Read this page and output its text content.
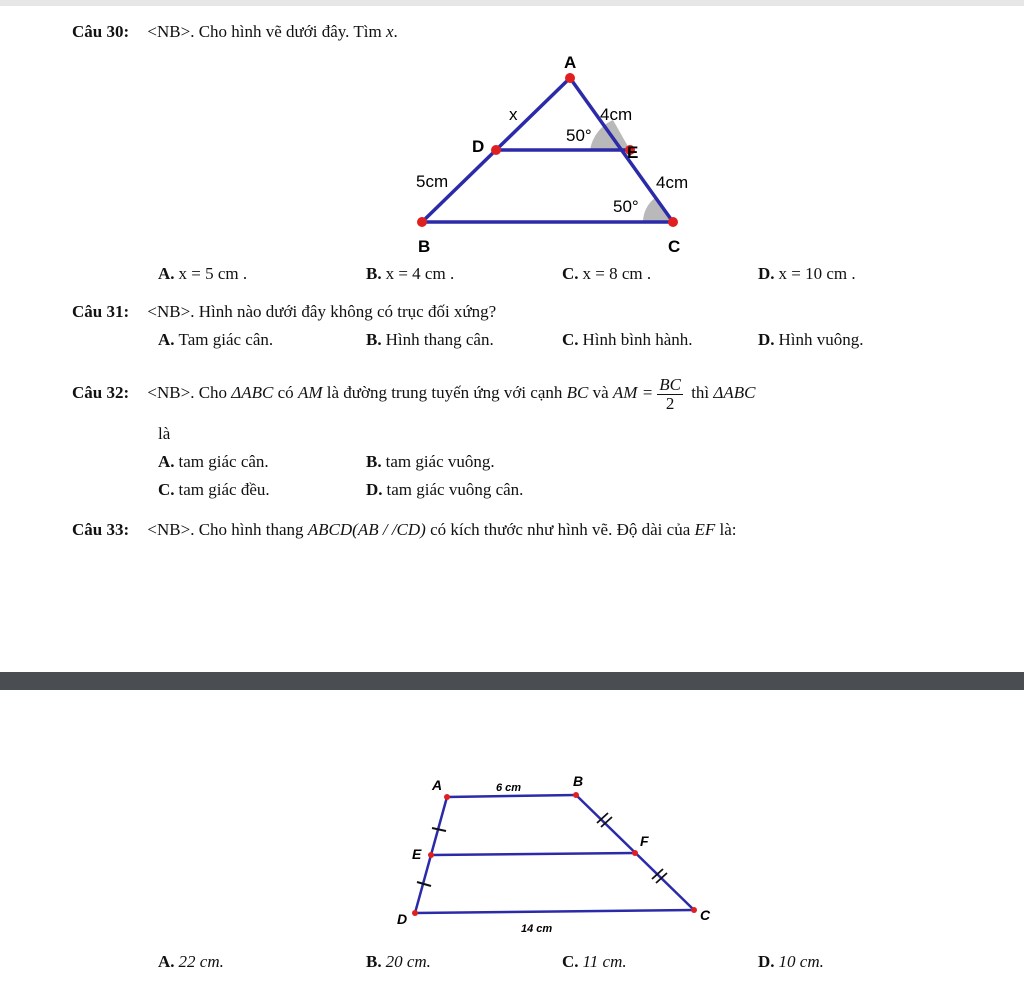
Câu 30: <NB>. Cho hình vẽ dưới đây. Tìm x.
A
x	4cm
50°
D	E
5cm	4cm
50°
B	C
A. x = 5 cm .	B. x = 4 cm .	C. x = 8 cm .	D. x = 10 cm .
Câu 31: <NB>. Hình nào dưới đây không có trục đối xứng?
A. Tam giác cân.	B. Hình thang cân.	C. Hình bình hành.	D. Hình vuông.
Câu 32: <NB>. Cho ΔABC có AM là đường trung tuyến ứng với cạnh BC và AM = $\frac{BC}{2}$ thì ΔABC
là
A. tam giác cân.	B. tam giác vuông.
C. tam giác đều.	D. tam giác vuông cân.
Câu 33: <NB>. Cho hình thang ABCD(AB / /CD) có kích thước như hình vẽ. Độ dài của EF là:
A	6 cm	B
F
E
D
14 cm
C
A. 22 cm.	B. 20 cm.	C. 11 cm.	D. 10 cm.
